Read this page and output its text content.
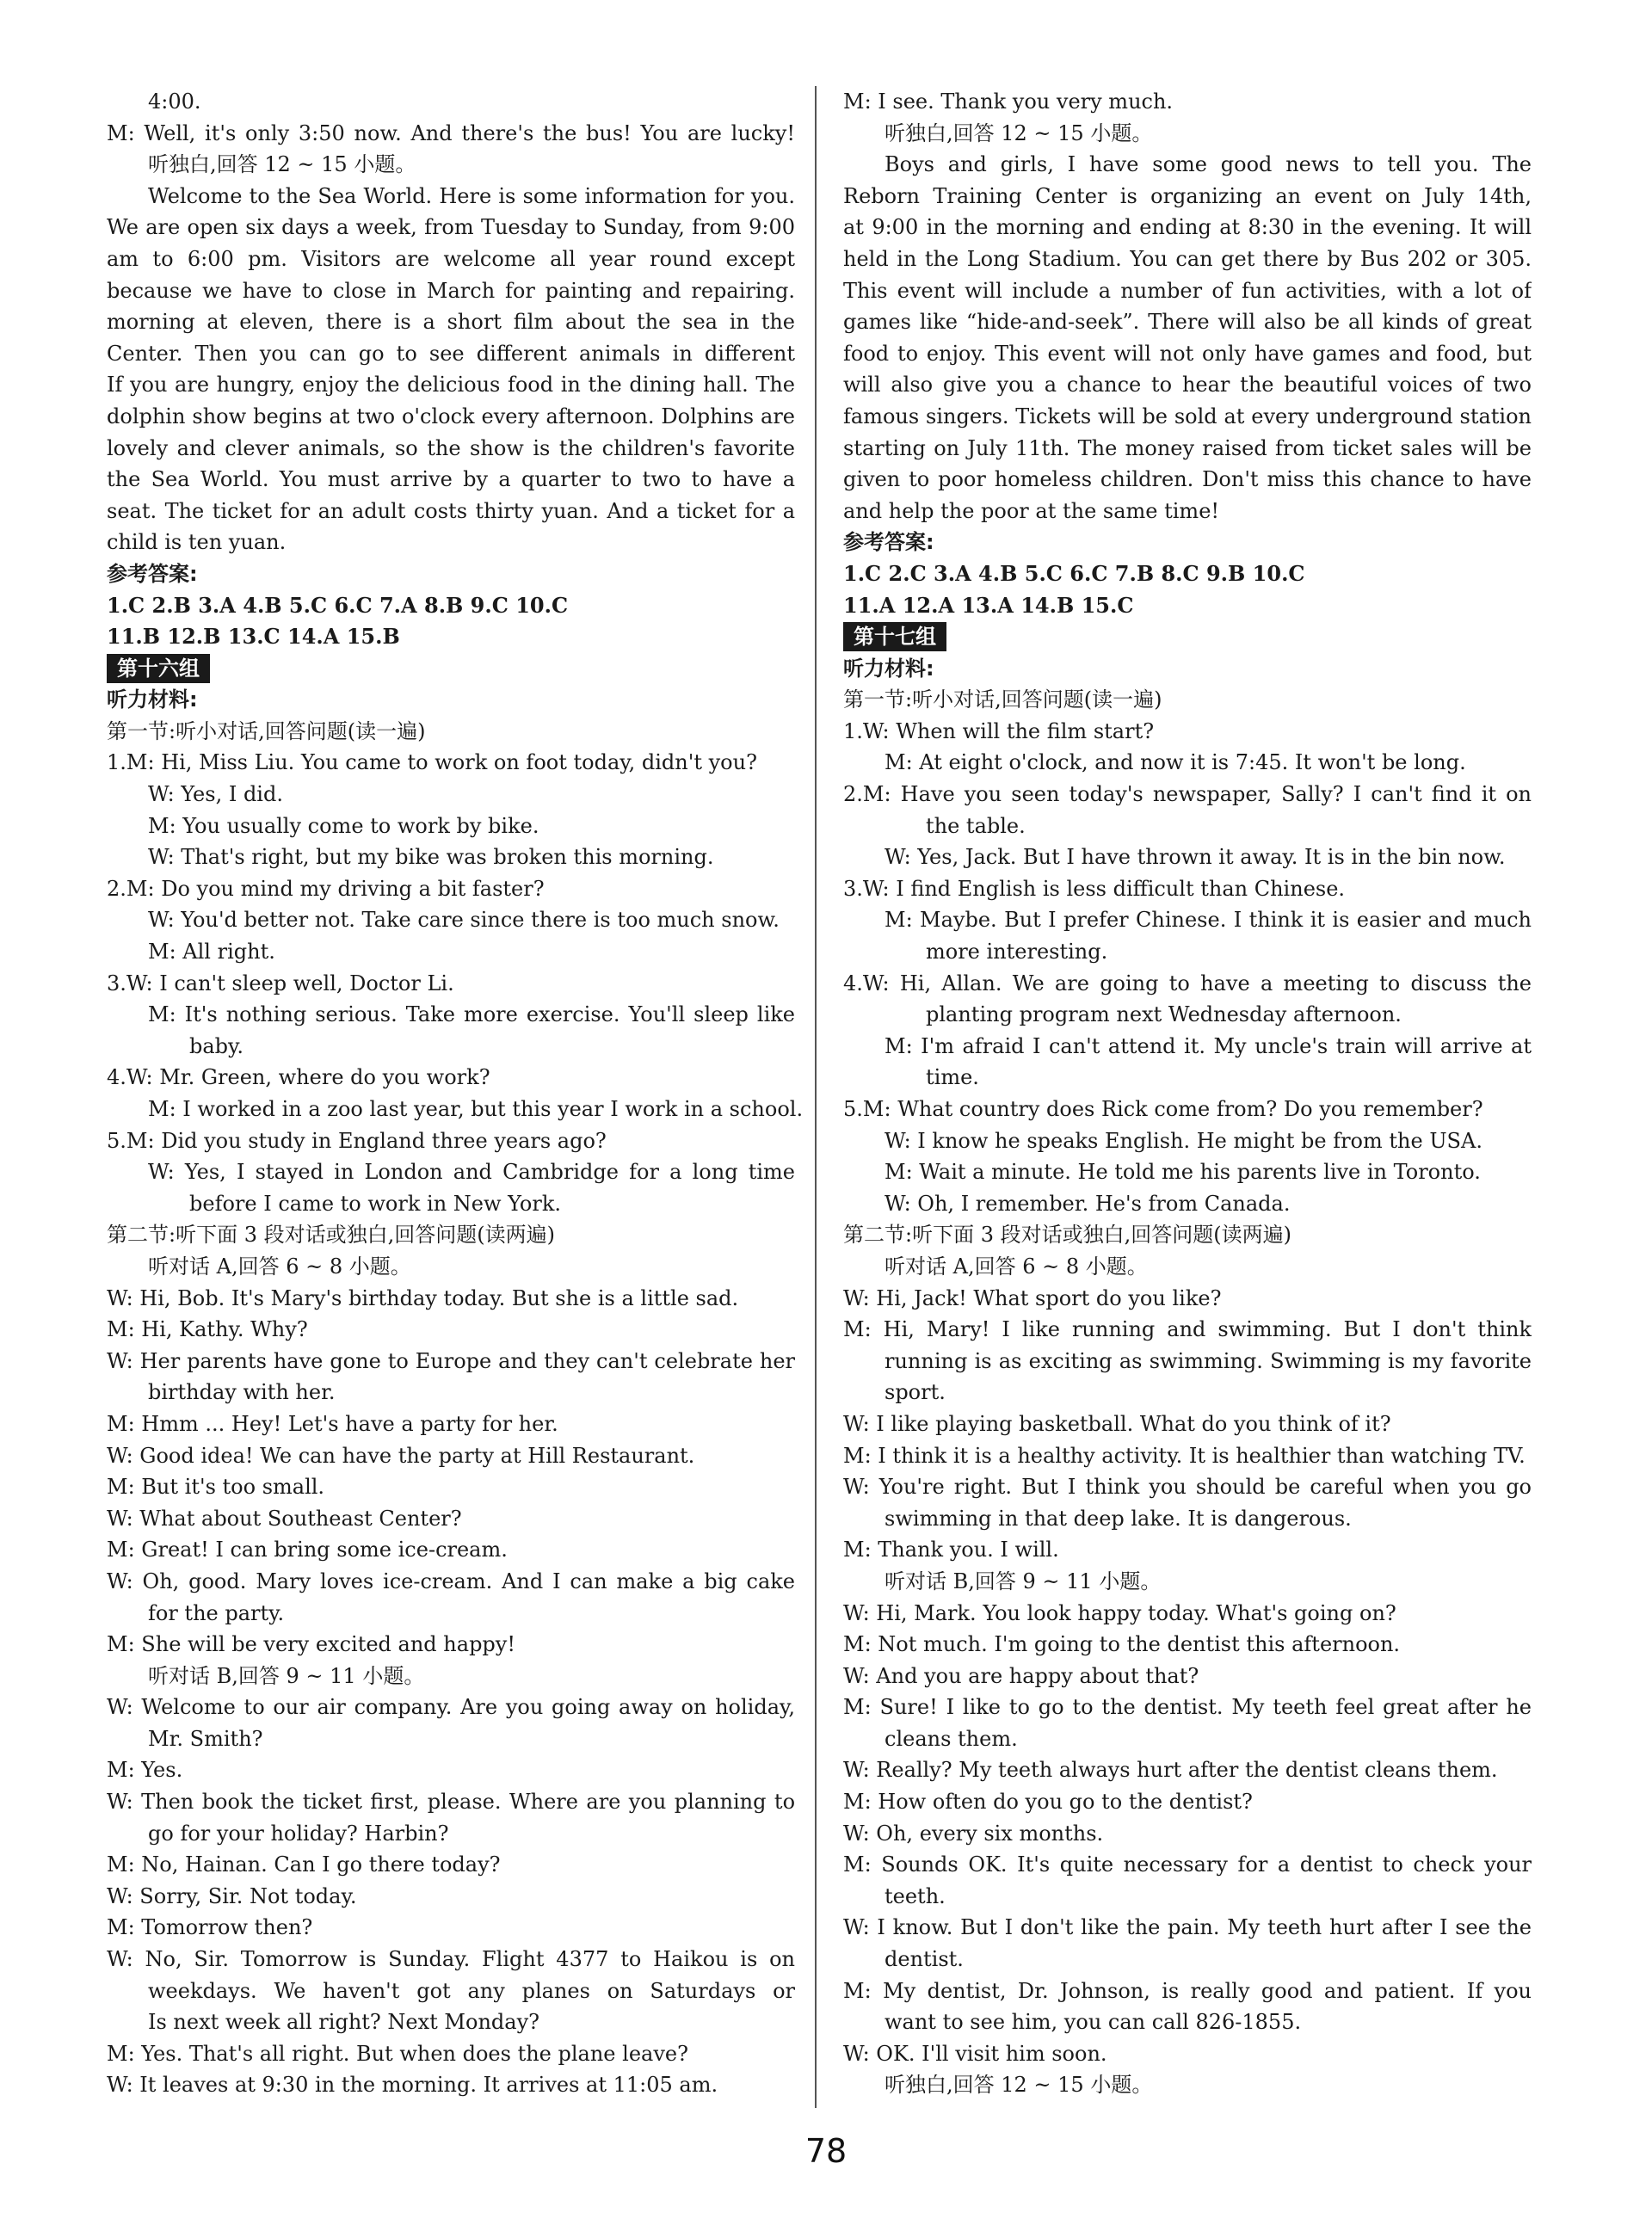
4:00.
M: Well, it's only 3:50 now. And there's the bus! You are lucky!
听独白,回答 12 ~ 15 小题。
Welcome to the Sea World. Here is some information for you.
We are open six days a week, from Tuesday to Sunday, from 9:00
am to 6:00 pm. Visitors are welcome all year round except
because we have to close in March for painting and repairing.
morning at eleven, there is a short film about the sea in the
Center. Then you can go to see different animals in different
If you are hungry, enjoy the delicious food in the dining hall. The
dolphin show begins at two o'clock every afternoon. Dolphins are
lovely and clever animals, so the show is the children's favorite
the Sea World. You must arrive by a quarter to two to have a
seat. The ticket for an adult costs thirty yuan. And a ticket for a
child is ten yuan.
参考答案:
1.C 2.B 3.A 4.B 5.C 6.C 7.A 8.B 9.C 10.C
11.B 12.B 13.C 14.A 15.B
第十六组
听力材料:
第一节:听小对话,回答问题(读一遍)
1.M: Hi, Miss Liu. You came to work on foot today, didn't you?
W: Yes, I did.
M: You usually come to work by bike.
W: That's right, but my bike was broken this morning.
2.M: Do you mind my driving a bit faster?
W: You'd better not. Take care since there is too much snow.
M: All right.
3.W: I can't sleep well, Doctor Li.
M: It's nothing serious. Take more exercise. You'll sleep like
baby.
4.W: Mr. Green, where do you work?
M: I worked in a zoo last year, but this year I work in a school.
5.M: Did you study in England three years ago?
W: Yes, I stayed in London and Cambridge for a long time
before I came to work in New York.
第二节:听下面 3 段对话或独白,回答问题(读两遍)
听对话 A,回答 6 ~ 8 小题。
W: Hi, Bob. It's Mary's birthday today. But she is a little sad.
M: Hi, Kathy. Why?
W: Her parents have gone to Europe and they can't celebrate her
birthday with her.
M: Hmm ... Hey! Let's have a party for her.
W: Good idea! We can have the party at Hill Restaurant.
M: But it's too small.
W: What about Southeast Center?
M: Great! I can bring some ice-cream.
W: Oh, good. Mary loves ice-cream. And I can make a big cake
for the party.
M: She will be very excited and happy!
听对话 B,回答 9 ~ 11 小题。
W: Welcome to our air company. Are you going away on holiday,
Mr. Smith?
M: Yes.
W: Then book the ticket first, please. Where are you planning to
go for your holiday? Harbin?
M: No, Hainan. Can I go there today?
W: Sorry, Sir. Not today.
M: Tomorrow then?
W: No, Sir. Tomorrow is Sunday. Flight 4377 to Haikou is on
weekdays. We haven't got any planes on Saturdays or
Is next week all right? Next Monday?
M: Yes. That's all right. But when does the plane leave?
W: It leaves at 9:30 in the morning. It arrives at 11:05 am.
M: I see. Thank you very much.
听独白,回答 12 ~ 15 小题。
Boys and girls, I have some good news to tell you. The
Reborn Training Center is organizing an event on July 14th,
at 9:00 in the morning and ending at 8:30 in the evening. It will
held in the Long Stadium. You can get there by Bus 202 or 305.
This event will include a number of fun activities, with a lot of
games like “hide-and-seek”. There will also be all kinds of great
food to enjoy. This event will not only have games and food, but
will also give you a chance to hear the beautiful voices of two
famous singers. Tickets will be sold at every underground station
starting on July 11th. The money raised from ticket sales will be
given to poor homeless children. Don't miss this chance to have
and help the poor at the same time!
参考答案:
1.C 2.C 3.A 4.B 5.C 6.C 7.B 8.C 9.B 10.C
11.A 12.A 13.A 14.B 15.C
第十七组
听力材料:
第一节:听小对话,回答问题(读一遍)
1.W: When will the film start?
M: At eight o'clock, and now it is 7:45. It won't be long.
2.M: Have you seen today's newspaper, Sally? I can't find it on
the table.
W: Yes, Jack. But I have thrown it away. It is in the bin now.
3.W: I find English is less difficult than Chinese.
M: Maybe. But I prefer Chinese. I think it is easier and much
more interesting.
4.W: Hi, Allan. We are going to have a meeting to discuss the
planting program next Wednesday afternoon.
M: I'm afraid I can't attend it. My uncle's train will arrive at
time.
5.M: What country does Rick come from? Do you remember?
W: I know he speaks English. He might be from the USA.
M: Wait a minute. He told me his parents live in Toronto.
W: Oh, I remember. He's from Canada.
第二节:听下面 3 段对话或独白,回答问题(读两遍)
听对话 A,回答 6 ~ 8 小题。
W: Hi, Jack! What sport do you like?
M: Hi, Mary! I like running and swimming. But I don't think
running is as exciting as swimming. Swimming is my favorite
sport.
W: I like playing basketball. What do you think of it?
M: I think it is a healthy activity. It is healthier than watching TV.
W: You're right. But I think you should be careful when you go
swimming in that deep lake. It is dangerous.
M: Thank you. I will.
听对话 B,回答 9 ~ 11 小题。
W: Hi, Mark. You look happy today. What's going on?
M: Not much. I'm going to the dentist this afternoon.
W: And you are happy about that?
M: Sure! I like to go to the dentist. My teeth feel great after he
cleans them.
W: Really? My teeth always hurt after the dentist cleans them.
M: How often do you go to the dentist?
W: Oh, every six months.
M: Sounds OK. It's quite necessary for a dentist to check your
teeth.
W: I know. But I don't like the pain. My teeth hurt after I see the
dentist.
M: My dentist, Dr. Johnson, is really good and patient. If you
want to see him, you can call 826-1855.
W: OK. I'll visit him soon.
听独白,回答 12 ~ 15 小题。
78
